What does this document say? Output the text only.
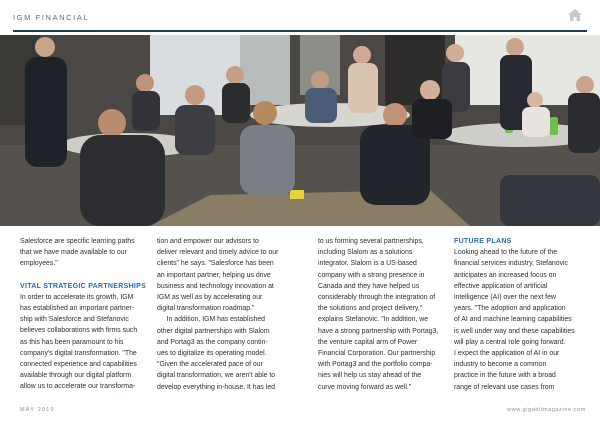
IGM FINANCIAL
194	195

Salesforce are specific learning paths

that we have made available to our

employees."

VITAL STRATEGIC PARTNERSHIPS

In order to accelerate its growth, IGM

has established an important partner-

ship with Salesforce and Stefanovic

believes collaborations with firms such

as this has been paramount to his

company's digital transformation. "The

connected experience and capabilities

available through our digital platform

allow us to accelerate our transforma-

tion and empower our advisors to

deliver relevant and timely advice to our

clients" he says. "Salesforce has been

an important partner, helping us drive

business and technology innovation at

IGM as well as by accelerating our

digital transformation roadmap."

In addition, IGM has established

other digital partnerships with Slalom

and Portag3 as the company contin-

ues to digitalize its operating model.

"Given the accelerated pace of our

digital transformation, we aren't able to

develop everything in-house. It has led

to us forming several partnerships,

including Slalom as a solutions

integrator. Slalom is a US-based

company with a strong presence in

Canada and they have helped us

considerably through the integration of

the solutions and project delivery,"

explains Stefanovic. "In addition, we

have a strong partnership with Portag3,

the venture capital arm of Power

Financial Corporation. Our partnership

with Portag3 and the portfolio compa-

nies will help us stay ahead of the

curve moving forward as well."

FUTURE PLANS

Looking ahead to the future of the

financial services industry, Stefanovic

anticipates an increased focus on

effective application of artificial

intelligence (AI) over the next few

years. "The adoption and application

of AI and machine learning capabilities

is well under way and these capabilities

will play a central role going forward.

I expect the application of AI in our

industry to become a common

practice in the future with a broad

range of relevant use cases from

MAY 2019	www.gigabitmagazine.com
